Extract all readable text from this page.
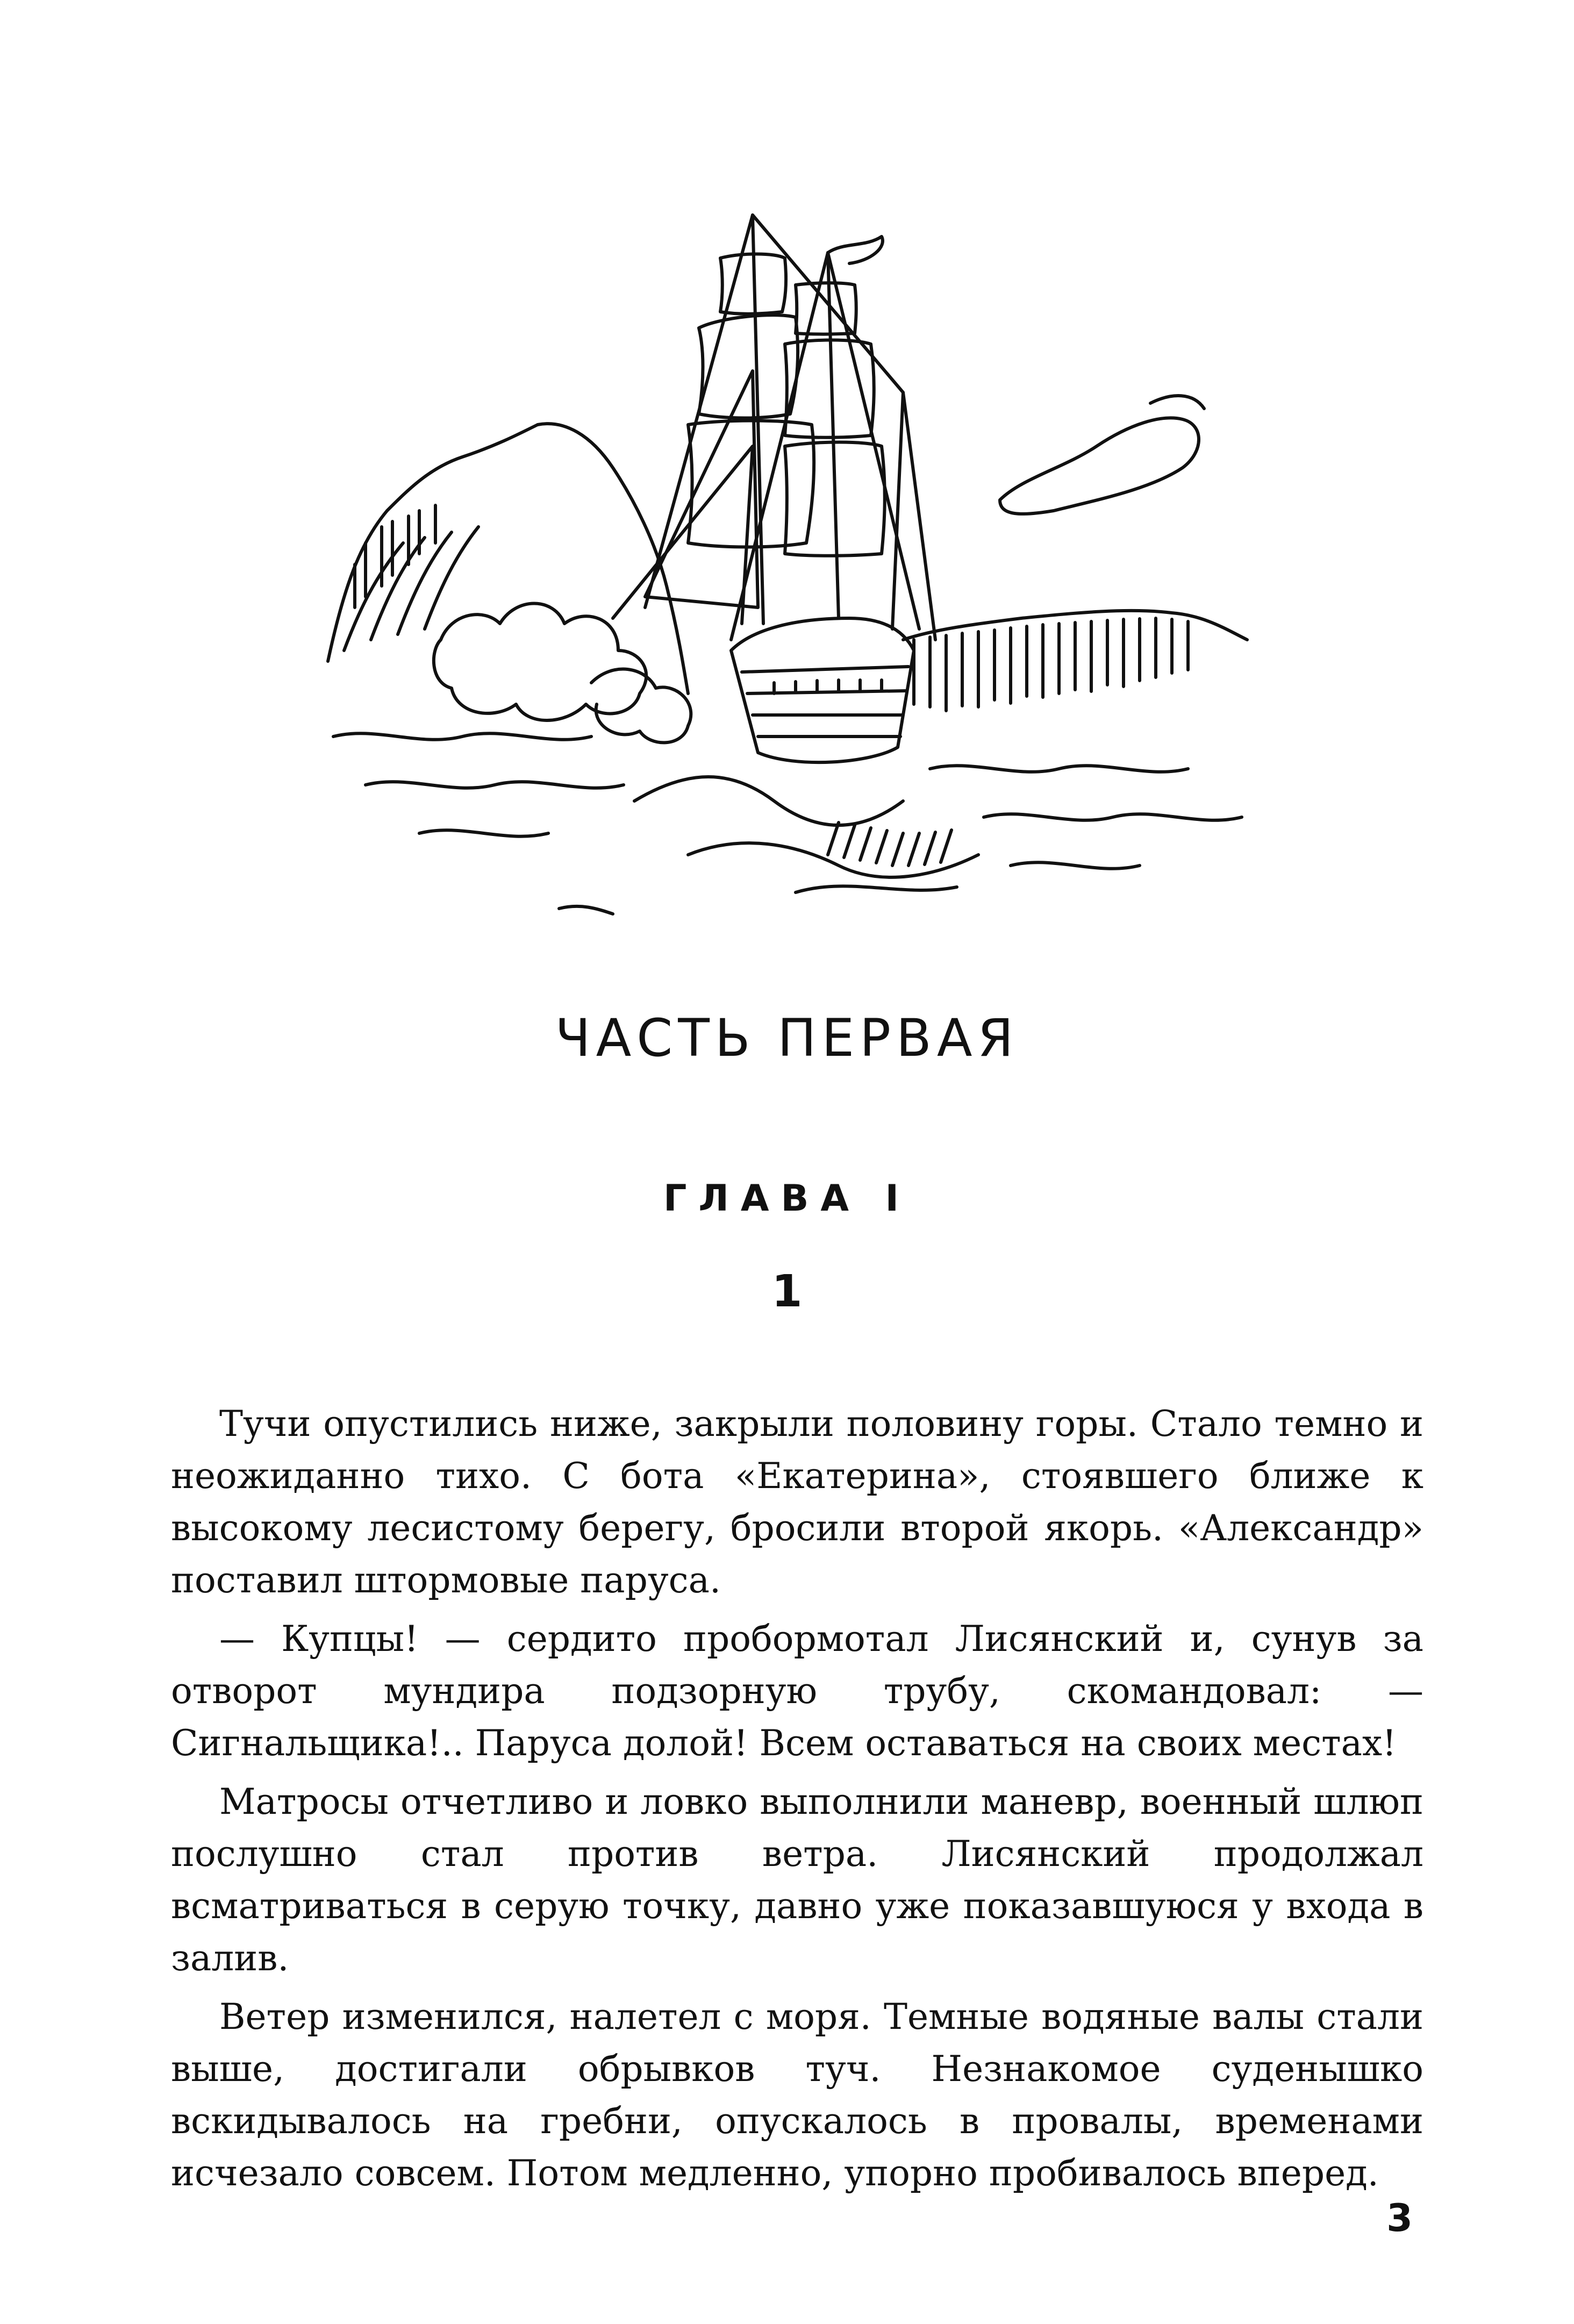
ЧАСТЬ ПЕРВАЯ
ГЛАВА I
1

Тучи опустились ниже, закрыли половину горы. Стало темно и неожиданно тихо. С бота «Екатерина», стоявшего ближе к высокому лесистому берегу, бросили второй якорь. «Александр» поставил штормовые паруса.

— Купцы! — сердито пробормотал Лисянский и, сунув за отворот мундира подзорную трубу, скомандовал: — Сигнальщика!.. Паруса долой! Всем оставаться на своих местах!

Матросы отчетливо и ловко выполнили маневр, военный шлюп послушно стал против ветра. Лисянский продолжал всматриваться в серую точку, давно уже показавшуюся у входа в залив.

Ветер изменился, налетел с моря. Темные водяные валы стали выше, достигали обрывков туч. Незнакомое суденышко вскидывалось на гребни, опускалось в провалы, временами исчезало совсем. Потом медленно, упорно пробивалось вперед.

3
